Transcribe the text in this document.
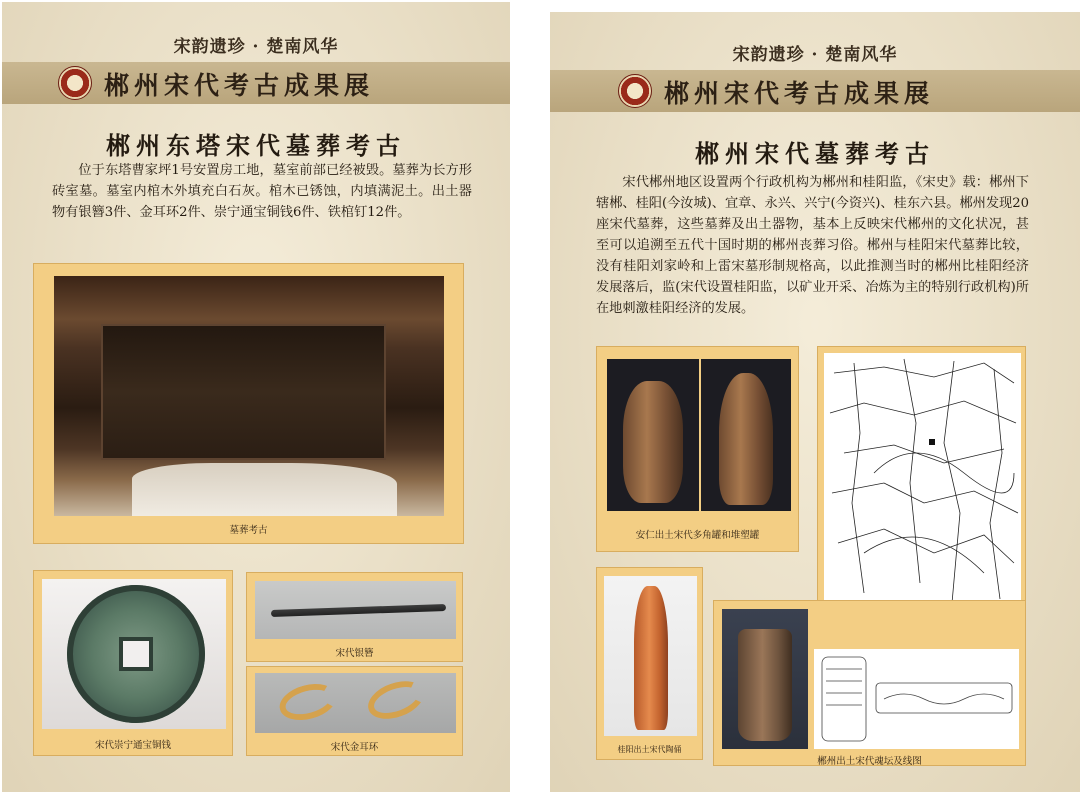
宋韵遗珍 · 楚南风华
郴州宋代考古成果展
郴州东塔宋代墓葬考古
位于东塔曹家坪1号安置房工地，墓室前部已经被毁。墓葬为长方形砖室墓。墓室内棺木外填充白石灰。棺木已锈蚀，内填满泥土。出土器物有银簪3件、金耳环2件、崇宁通宝铜钱6件、铁棺钉12件。
墓葬考古
宋代崇宁通宝铜钱
宋代银簪
宋代金耳环
宋韵遗珍 · 楚南风华
郴州宋代考古成果展
郴州宋代墓葬考古
宋代郴州地区设置两个行政机构为郴州和桂阳监，《宋史》载：郴州下辖郴、桂阳(今汝城)、宜章、永兴、兴宁(今资兴)、桂东六县。郴州发现20座宋代墓葬，这些墓葬及出土器物，基本上反映宋代郴州的文化状况，甚至可以追溯至五代十国时期的郴州丧葬习俗。郴州与桂阳宋代墓葬比较，没有桂阳刘家岭和上雷宋墓形制规格高，以此推测当时的郴州比桂阳经济发展落后，监(宋代设置桂阳监，以矿业开采、冶炼为主的特别行政机构)所在地刺激桂阳经济的发展。
安仁出土宋代多角罐和堆塑罐
桂阳出土宋代陶俑
郴州出土宋代魂坛及线图
